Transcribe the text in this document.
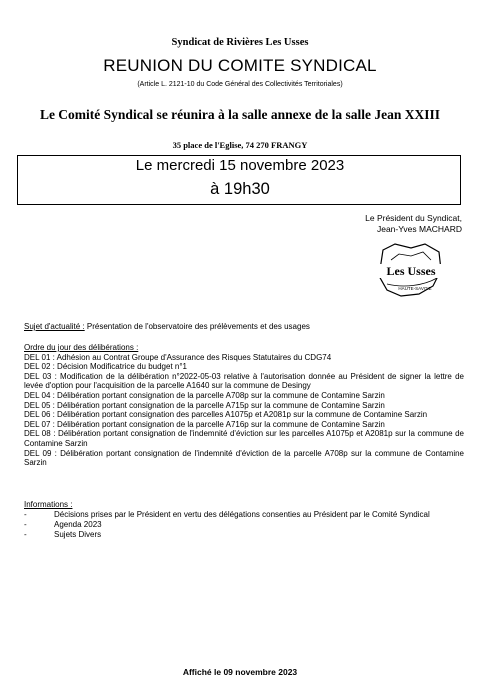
Syndicat de Rivières Les Usses
REUNION DU COMITE SYNDICAL
(Article L. 2121-10 du Code Général des Collectivités Territoriales)
Le Comité Syndical se réunira à la salle annexe de la salle Jean XXIII
35 place de l'Eglise, 74 270 FRANGY
Le mercredi 15 novembre 2023
à 19h30
Le Président du Syndicat,
Jean-Yves MACHARD
Les Usses
HAUTE-SAVOIE
Sujet d'actualité : Présentation de l'observatoire des prélèvements et des usages
Ordre du jour des délibérations :
DEL 01 : Adhésion au Contrat Groupe d'Assurance des Risques Statutaires du CDG74
DEL 02 : Décision Modificatrice du budget n°1
DEL 03 : Modification de la délibération n°2022-05-03 relative à l'autorisation donnée au Président de signer la lettre de levée d'option pour l'acquisition de la parcelle A1640 sur la commune de Desingy
DEL 04 : Délibération portant consignation de la parcelle A708p sur la commune de Contamine Sarzin
DEL 05 : Délibération portant consignation de la parcelle A715p sur la commune de Contamine Sarzin
DEL 06 : Délibération portant consignation des parcelles A1075p et A2081p sur la commune de Contamine Sarzin
DEL 07 : Délibération portant consignation de la parcelle A716p sur la commune de Contamine Sarzin
DEL 08 : Délibération portant consignation de l'indemnité d'éviction sur les parcelles A1075p et A2081p sur la commune de Contamine Sarzin
DEL 09 : Délibération portant consignation de l'indemnité d'éviction de la parcelle A708p sur la commune de Contamine Sarzin
Informations :
-	Décisions prises par le Président en vertu des délégations consenties au Président par le Comité Syndical
-	Agenda 2023
-	Sujets Divers
Affiché le 09 novembre 2023
